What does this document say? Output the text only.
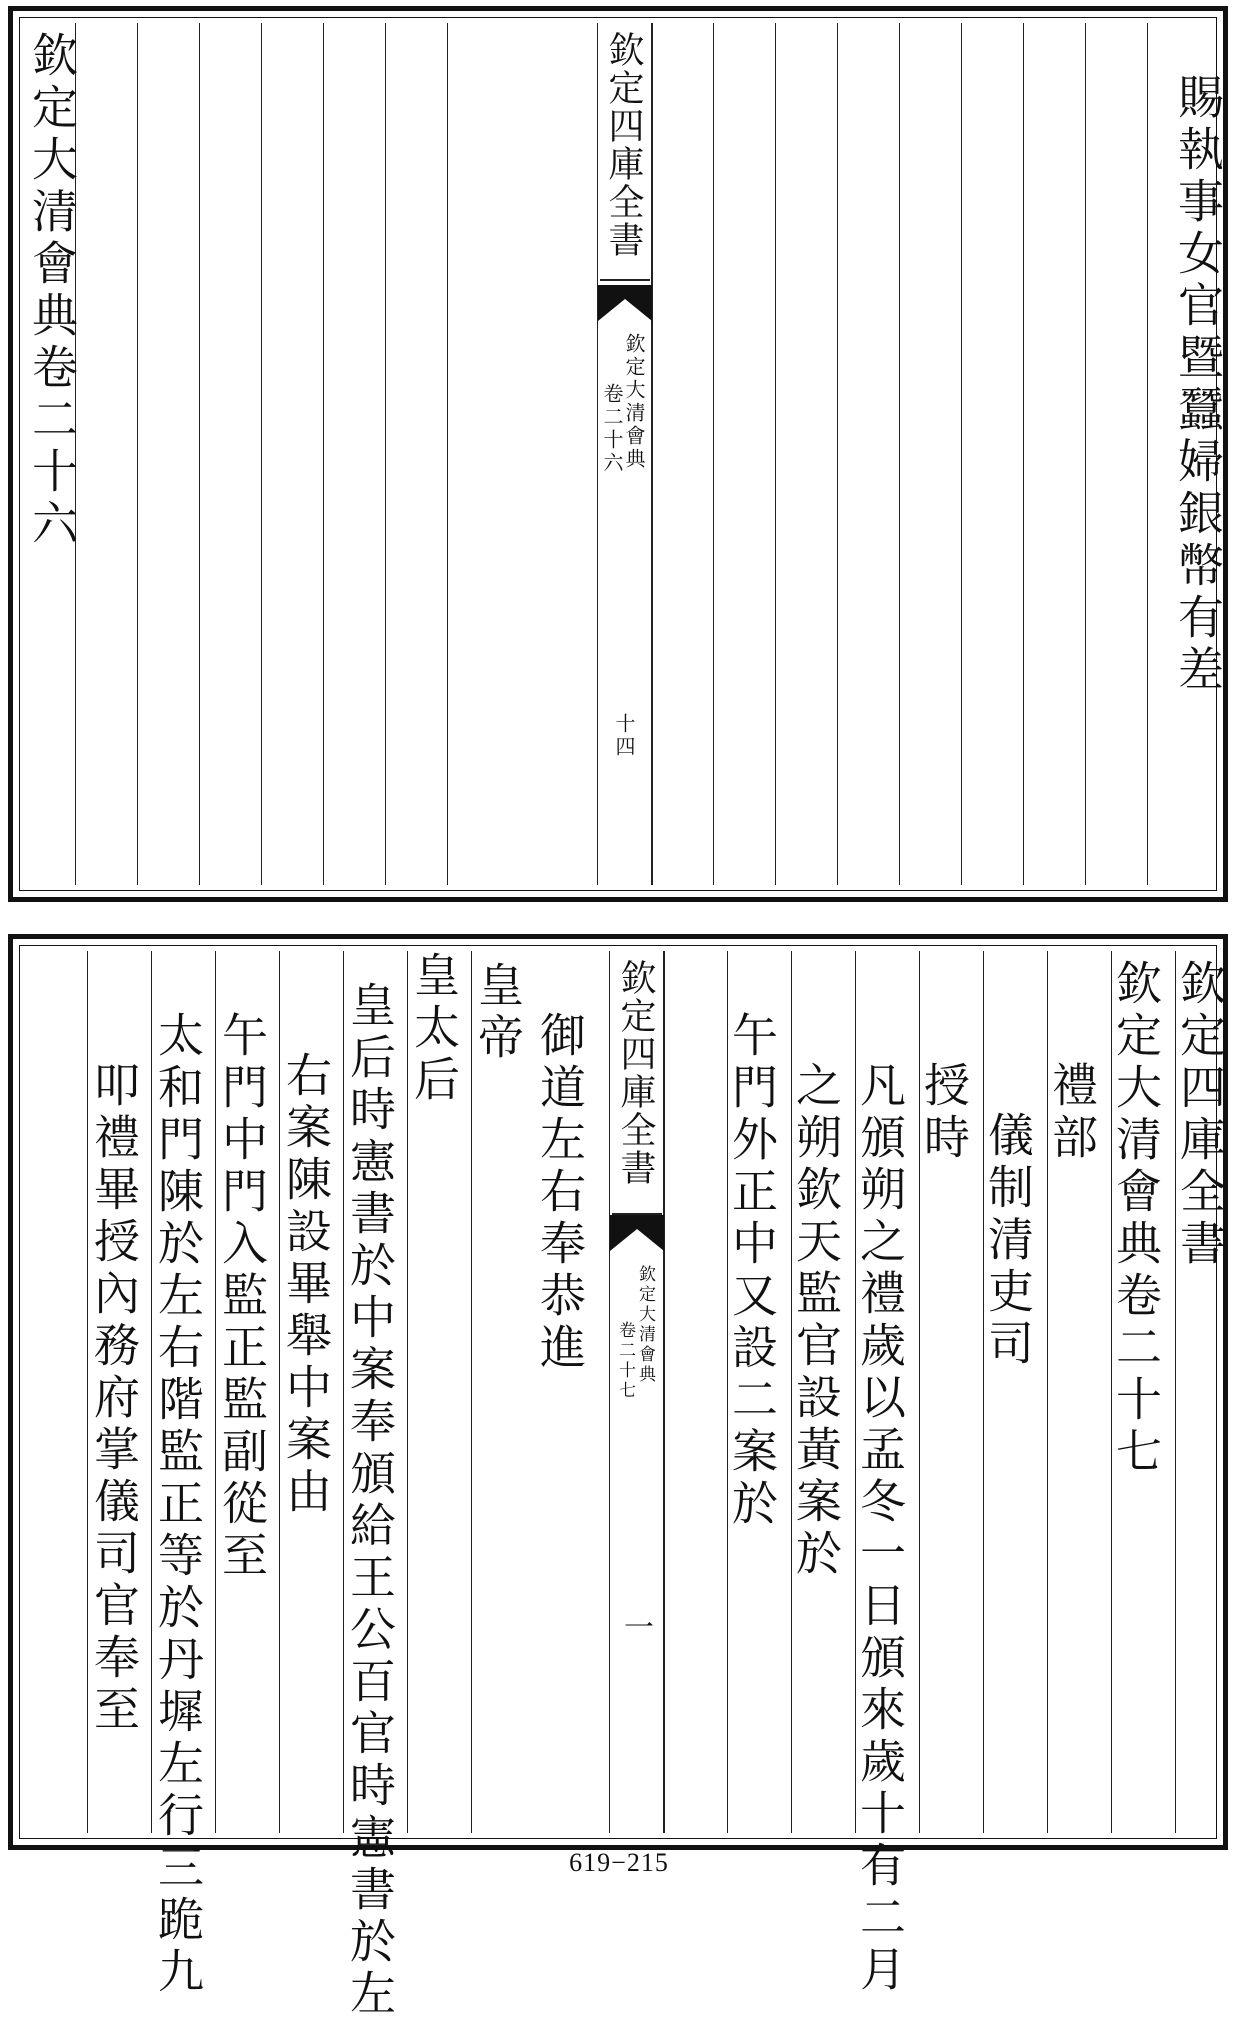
欽定大清會典卷二十六	欽定四庫全書
欽定大清會典
卷二十六
十四
賜執事女官暨蠶婦銀幣有差
欽定四庫全書
欽定大清會典卷二十七
禮部
儀制清吏司
授時
凡頒朔之禮歲以孟冬一日頒來歲十有二月
之朔欽天監官設黃案於
午門外正中又設二案於
欽定四庫全書
欽定大清會典
卷二十七
一
御道左右奉恭進
皇帝
皇太后
皇后時憲書於中案奉頒給王公百官時憲書於左
右案陳設畢舉中案由
午門中門入監正監副從至
太和門陳於左右階監正等於丹墀左行三跪九
叩禮畢授內務府掌儀司官奉至
619−215
